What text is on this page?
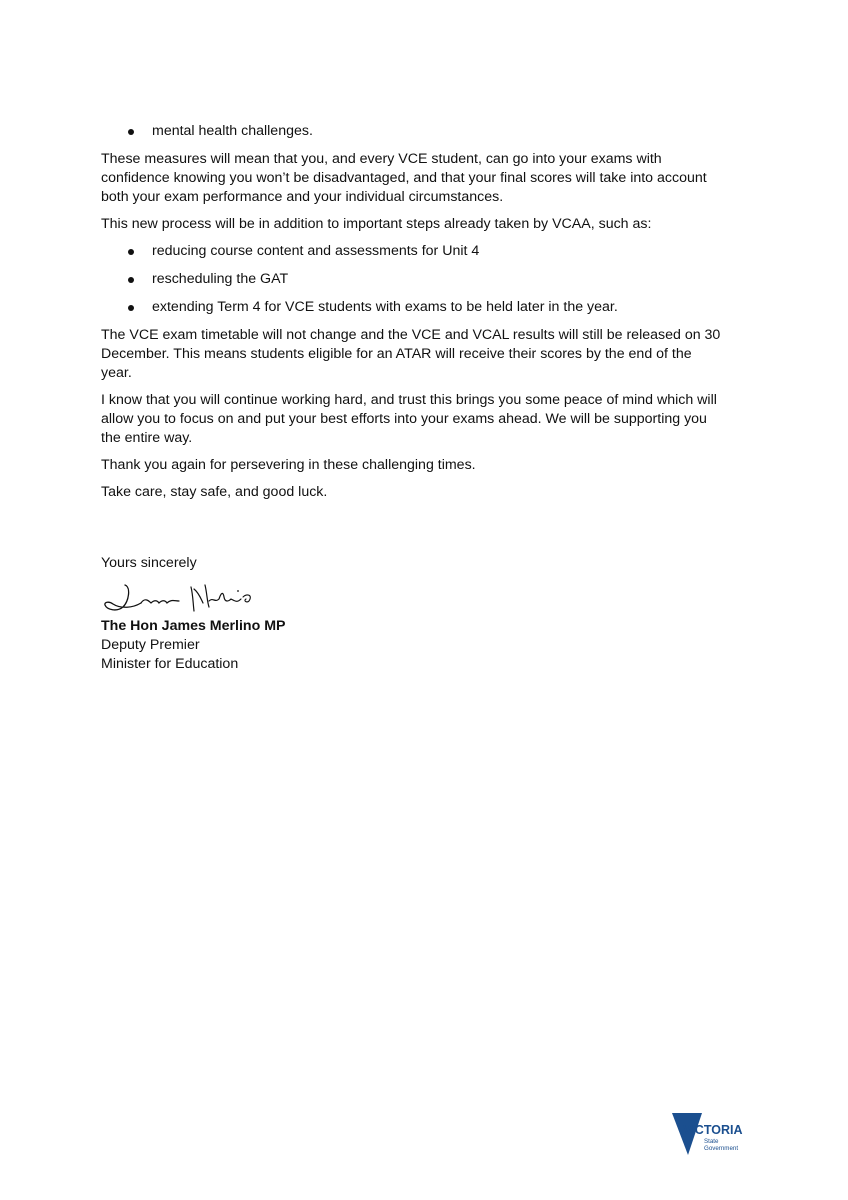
mental health challenges.

These measures will mean that you, and every VCE student, can go into your exams with confidence knowing you won’t be disadvantaged, and that your final scores will take into account both your exam performance and your individual circumstances.

This new process will be in addition to important steps already taken by VCAA, such as:

reducing course content and assessments for Unit 4
rescheduling the GAT
extending Term 4 for VCE students with exams to be held later in the year.

The VCE exam timetable will not change and the VCE and VCAL results will still be released on 30 December. This means students eligible for an ATAR will receive their scores by the end of the year.

I know that you will continue working hard, and trust this brings you some peace of mind which will allow you to focus on and put your best efforts into your exams ahead. We will be supporting you the entire way.

Thank you again for persevering in these challenging times.

Take care, stay safe, and good luck.

Yours sincerely

The Hon James Merlino MP

Deputy Premier

Minister for Education

VICTORIA
State
Government
